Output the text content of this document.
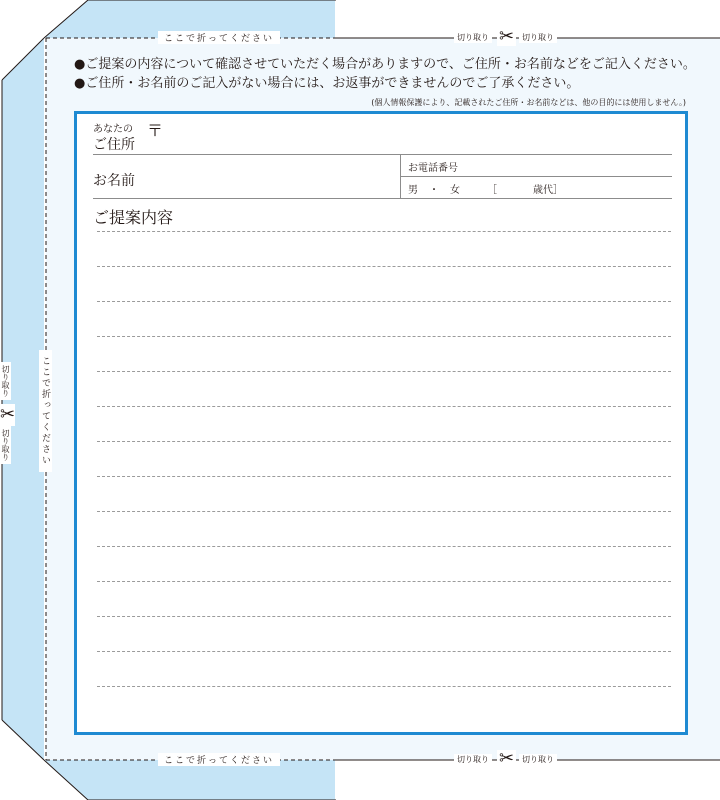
ここで折ってください
ここで折ってください
ここで折ってください
切り取り ✂ 切り取り
切り取り ✂ 切り取り
切り取り
✂
切り取り
●ご提案の内容について確認させていただく場合がありますので、ご住所・お名前などをご記入ください。
●ご住所・お名前のご記入がない場合には、お返事ができませんのでご了承ください。
(個人情報保護により、記載されたご住所・お名前などは、他の目的には使用しません。)
あなたの
ご住所
〒
お名前
お電話番号
男 ・ 女	［	歳代］
ご提案内容
